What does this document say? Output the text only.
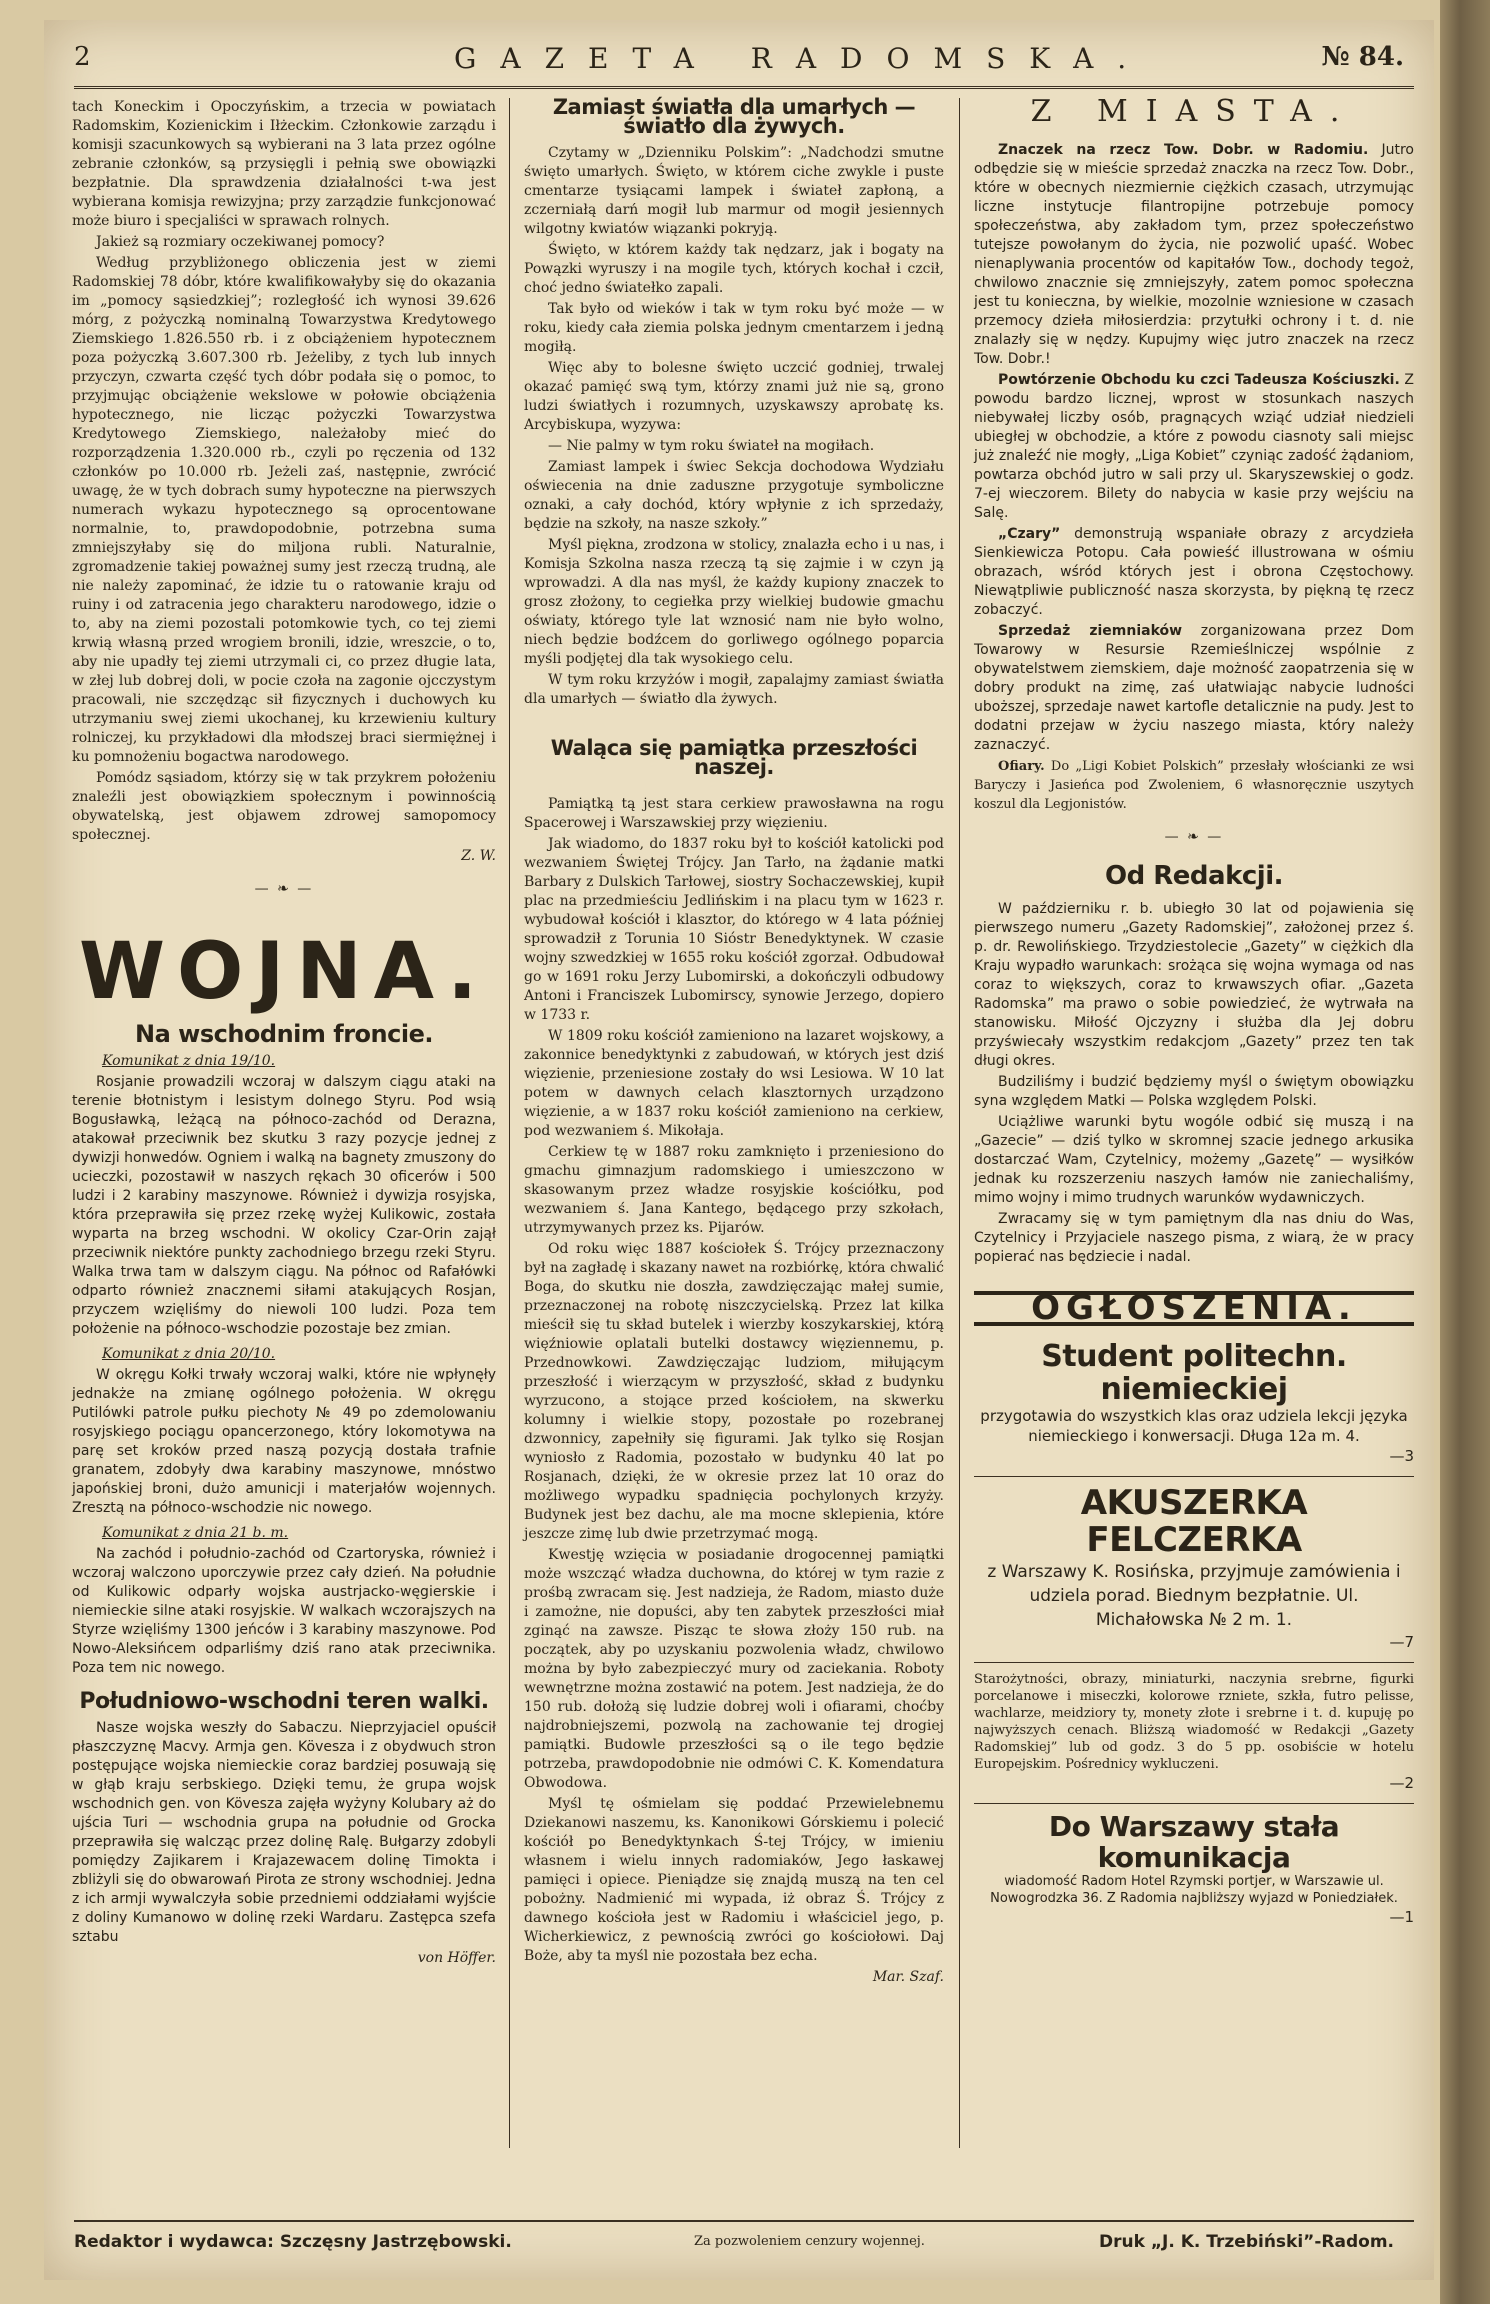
2	GAZETA RADOMSKA.	№ 84.

tach Koneckim i Opoczyńskim, a trzecia w powiatach Radomskim, Kozienickim i Iłżeckim. Członkowie zarządu i komisji szacunkowych są wybierani na 3 lata przez ogólne zebranie członków, są przysięgli i pełnią swe obowiązki bezpłatnie. Dla sprawdzenia działalności t-wa jest wybierana komisja rewizyjna; przy zarządzie funkcjonować może biuro i specjaliści w sprawach rolnych.

Jakież są rozmiary oczekiwanej pomocy?

Według przybliżonego obliczenia jest w ziemi Radomskiej 78 dóbr, które kwalifikowałyby się do okazania im „pomocy sąsiedzkiej”; rozległość ich wynosi 39.626 mórg, z pożyczką nominalną Towarzystwa Kredytowego Ziemskiego 1.826.550 rb. i z obciążeniem hypotecznem poza pożyczką 3.607.300 rb. Jeżeliby, z tych lub innych przyczyn, czwarta część tych dóbr podała się o pomoc, to przyjmując obciążenie wekslowe w połowie obciążenia hypotecznego, nie licząc pożyczki Towarzystwa Kredytowego Ziemskiego, należałoby mieć do rozporządzenia 1.320.000 rb., czyli po ręczenia od 132 członków po 10.000 rb. Jeżeli zaś, następnie, zwrócić uwagę, że w tych dobrach sumy hypoteczne na pierwszych numerach wykazu hypotecznego są oprocentowane normalnie, to, prawdopodobnie, potrzebna suma zmniejszyłaby się do miljona rubli. Naturalnie, zgromadzenie takiej poważnej sumy jest rzeczą trudną, ale nie należy zapominać, że idzie tu o ratowanie kraju od ruiny i od zatracenia jego charakteru narodowego, idzie o to, aby na ziemi pozostali potomkowie tych, co tej ziemi krwią własną przed wrogiem bronili, idzie, wreszcie, o to, aby nie upadły tej ziemi utrzymali ci, co przez długie lata, w złej lub dobrej doli, w pocie czoła na zagonie ojcczystym pracowali, nie szczędząc sił fizycznych i duchowych ku utrzymaniu swej ziemi ukochanej, ku krzewieniu kultury rolniczej, ku przykładowi dla młodszej braci siermiężnej i ku pomnożeniu bogactwa narodowego.

Pomódz sąsiadom, którzy się w tak przykrem położeniu znaleźli jest obowiązkiem społecznym i powinnością obywatelską, jest objawem zdrowej samopomocy społecznej.

Z. W.

— ❧ —
WOJNA.
Na wschodnim froncie.

Komunikat z dnia 19/10.

Rosjanie prowadzili wczoraj w dalszym ciągu ataki na terenie błotnistym i lesistym dolnego Styru. Pod wsią Bogusławką, leżącą na północo-zachód od Derazna, atakował przeciwnik bez skutku 3 razy pozycje jednej z dywizji honwedów. Ogniem i walką na bagnety zmuszony do ucieczki, pozostawił w naszych rękach 30 oficerów i 500 ludzi i 2 karabiny maszynowe. Również i dywizja rosyjska, która przeprawiła się przez rzekę wyżej Kulikowic, została wyparta na brzeg wschodni. W okolicy Czar-Orin zajął przeciwnik niektóre punkty zachodniego brzegu rzeki Styru. Walka trwa tam w dalszym ciągu. Na północ od Rafałówki odparto również znacznemi siłami atakujących Rosjan, przyczem wzięliśmy do niewoli 100 ludzi. Poza tem położenie na północo-wschodzie pozostaje bez zmian.

Komunikat z dnia 20/10.

W okręgu Kołki trwały wczoraj walki, które nie wpłynęły jednakże na zmianę ogólnego położenia. W okręgu Putilówki patrole pułku piechoty № 49 po zdemolowaniu rosyjskiego pociągu opancerzonego, który lokomotywa na parę set kroków przed naszą pozycją dostała trafnie granatem, zdobyły dwa karabiny maszynowe, mnóstwo japońskiej broni, dużo amunicji i materjałów wojennych. Zresztą na północo-wschodzie nic nowego.

Komunikat z dnia 21 b. m.

Na zachód i południo-zachód od Czartoryska, również i wczoraj walczono uporczywie przez cały dzień. Na południe od Kulikowic odparły wojska austrjacko-węgierskie i niemieckie silne ataki rosyjskie. W walkach wczorajszych na Styrze wzięliśmy 1300 jeńców i 3 karabiny maszynowe. Pod Nowo-Aleksińcem odparliśmy dziś rano atak przeciwnika. Poza tem nic nowego.

Południowo-wschodni teren walki.

Nasze wojska weszły do Sabaczu. Nieprzyjaciel opuścił płaszczyznę Macvy. Armja gen. Kövesza i z obydwuch stron postępujące wojska niemieckie coraz bardziej posuwają się w głąb kraju serbskiego. Dzięki temu, że grupa wojsk wschodnich gen. von Kövesza zajęła wyżyny Kolubary aż do ujścia Turi — wschodnia grupa na południe od Grocka przeprawiła się walcząc przez dolinę Ralę. Bułgarzy zdobyli pomiędzy Zajikarem i Krajazewacem dolinę Timokta i zbliżyli się do obwarowań Pirota ze strony wschodniej. Jedna z ich armji wywalczyła sobie przedniemi oddziałami wyjście z doliny Kumanowo w dolinę rzeki Wardaru. Zastępca szefa sztabu

von Höffer.

Zamiast światła dla umarłych — światło dla żywych.

Czytamy w „Dzienniku Polskim”: „Nadchodzi smutne święto umarłych. Święto, w którem ciche zwykle i puste cmentarze tysiącami lampek i świateł zapłoną, a zczerniałą darń mogił lub marmur od mogił jesiennych wilgotny kwiatów wiązanki pokryją.

Święto, w którem każdy tak nędzarz, jak i bogaty na Powązki wyruszy i na mogile tych, których kochał i czcił, choć jedno światełko zapali.

Tak było od wieków i tak w tym roku być może — w roku, kiedy cała ziemia polska jednym cmentarzem i jedną mogiłą.

Więc aby to bolesne święto uczcić godniej, trwalej okazać pamięć swą tym, którzy znami już nie są, grono ludzi światłych i rozumnych, uzyskawszy aprobatę ks. Arcybiskupa, wyzywa:

— Nie palmy w tym roku świateł na mogiłach.

Zamiast lampek i świec Sekcja dochodowa Wydziału oświecenia na dnie zaduszne przygotuje symboliczne oznaki, a cały dochód, który wpłynie z ich sprzedaży, będzie na szkoły, na nasze szkoły.”

Myśl piękna, zrodzona w stolicy, znalazła echo i u nas, i Komisja Szkolna nasza rzeczą tą się zajmie i w czyn ją wprowadzi. A dla nas myśl, że każdy kupiony znaczek to grosz złożony, to cegiełka przy wielkiej budowie gmachu oświaty, którego tyle lat wznosić nam nie było wolno, niech będzie bodźcem do gorliwego ogólnego poparcia myśli podjętej dla tak wysokiego celu.

W tym roku krzyżów i mogił, zapalajmy zamiast światła dla umarłych — światło dla żywych.

Waląca się pamiątka przeszłości naszej.

Pamiątką tą jest stara cerkiew prawosławna na rogu Spacerowej i Warszawskiej przy więzieniu.

Jak wiadomo, do 1837 roku był to kościół katolicki pod wezwaniem Świętej Trójcy. Jan Tarło, na żądanie matki Barbary z Dulskich Tarłowej, siostry Sochaczewskiej, kupił plac na przedmieściu Jedlińskim i na placu tym w 1623 r. wybudował kościół i klasztor, do którego w 4 lata później sprowadził z Torunia 10 Sióstr Benedyktynek. W czasie wojny szwedzkiej w 1655 roku kościół zgorzał. Odbudował go w 1691 roku Jerzy Lubomirski, a dokończyli odbudowy Antoni i Franciszek Lubomirscy, synowie Jerzego, dopiero w 1733 r.

W 1809 roku kościół zamieniono na lazaret wojskowy, a zakonnice benedyktynki z zabudowań, w których jest dziś więzienie, przeniesione zostały do wsi Lesiowa. W 10 lat potem w dawnych celach klasztornych urządzono więzienie, a w 1837 roku kościół zamieniono na cerkiew, pod wezwaniem ś. Mikołaja.

Cerkiew tę w 1887 roku zamknięto i przeniesiono do gmachu gimnazjum radomskiego i umieszczono w skasowanym przez władze rosyjskie kościółku, pod wezwaniem ś. Jana Kantego, będącego przy szkołach, utrzymywanych przez ks. Pijarów.

Od roku więc 1887 kościołek Ś. Trójcy przeznaczony był na zagładę i skazany nawet na rozbiórkę, która chwalić Boga, do skutku nie doszła, zawdzięczając małej sumie, przeznaczonej na robotę niszczycielską. Przez lat kilka mieścił się tu skład butelek i wierzby koszykarskiej, którą więźniowie oplatali butelki dostawcy więziennemu, p. Przednowkowi. Zawdzięczając ludziom, miłującym przeszłość i wierzącym w przyszłość, skład z budynku wyrzucono, a stojące przed kościołem, na skwerku kolumny i wielkie stopy, pozostałe po rozebranej dzwonnicy, zapełniły się figurami. Jak tylko się Rosjan wyniosło z Radomia, pozostało w budynku 40 lat po Rosjanach, dzięki, że w okresie przez lat 10 oraz do możliwego wypadku spadnięcia pochylonych krzyży. Budynek jest bez dachu, ale ma mocne sklepienia, które jeszcze zimę lub dwie przetrzymać mogą.

Kwestję wzięcia w posiadanie drogocennej pamiątki może wszcząć władza duchowna, do której w tym razie z prośbą zwracam się. Jest nadzieja, że Radom, miasto duże i zamożne, nie dopuści, aby ten zabytek przeszłości miał zginąć na zawsze. Pisząc te słowa złoży 150 rub. na początek, aby po uzyskaniu pozwolenia władz, chwilowo można by było zabezpieczyć mury od zaciekania. Roboty wewnętrzne można zostawić na potem. Jest nadzieja, że do 150 rub. dołożą się ludzie dobrej woli i ofiarami, choćby najdrobniejszemi, pozwolą na zachowanie tej drogiej pamiątki. Budowle przeszłości są o ile tego będzie potrzeba, prawdopodobnie nie odmówi C. K. Komendatura Obwodowa.

Myśl tę ośmielam się poddać Przewielebnemu Dziekanowi naszemu, ks. Kanonikowi Górskiemu i polecić kościół po Benedyktynkach Ś-tej Trójcy, w imieniu własnem i wielu innych radomiaków, Jego łaskawej pamięci i opiece. Pieniądze się znajdą muszą na ten cel pobożny. Nadmienić mi wypada, iż obraz Ś. Trójcy z dawnego kościoła jest w Radomiu i właściciel jego, p. Wicherkiewicz, z pewnością zwróci go kościołowi. Daj Boże, aby ta myśl nie pozostała bez echa.

Mar. Szaf.

Z MIASTA.

Znaczek na rzecz Tow. Dobr. w Radomiu. Jutro odbędzie się w mieście sprzedaż znaczka na rzecz Tow. Dobr., które w obecnych niezmiernie ciężkich czasach, utrzymując liczne instytucje filantropijne potrzebuje pomocy społeczeństwa, aby zakładom tym, przez społeczeństwo tutejsze powołanym do życia, nie pozwolić upaść. Wobec nienaplywania procentów od kapitałów Tow., dochody tegoż, chwilowo znacznie się zmniejszyły, zatem pomoc społeczna jest tu konieczna, by wielkie, mozolnie wzniesione w czasach przemocy dzieła miłosierdzia: przytułki ochrony i t. d. nie znalazły się w nędzy. Kupujmy więc jutro znaczek na rzecz Tow. Dobr.!

Powtórzenie Obchodu ku czci Tadeusza Kościuszki. Z powodu bardzo licznej, wprost w stosunkach naszych niebywałej liczby osób, pragnących wziąć udział niedzieli ubiegłej w obchodzie, a które z powodu ciasnoty sali miejsc już znaleźć nie mogły, „Liga Kobiet” czyniąc zadość żądaniom, powtarza obchód jutro w sali przy ul. Skaryszewskiej o godz. 7-ej wieczorem. Bilety do nabycia w kasie przy wejściu na Salę.

„Czary” demonstrują wspaniałe obrazy z arcydzieła Sienkiewicza Potopu. Cała powieść illustrowana w ośmiu obrazach, wśród których jest i obrona Częstochowy. Niewątpliwie publiczność nasza skorzysta, by piękną tę rzecz zobaczyć.

Sprzedaż ziemniaków zorganizowana przez Dom Towarowy w Resursie Rzemieślniczej wspólnie z obywatelstwem ziemskiem, daje możność zaopatrzenia się w dobry produkt na zimę, zaś ułatwiając nabycie ludności uboższej, sprzedaje nawet kartofle detalicznie na pudy. Jest to dodatni przejaw w życiu naszego miasta, który należy zaznaczyć.

Ofiary. Do „Ligi Kobiet Polskich” przesłały włościanki ze wsi Baryczy i Jasieńca pod Zwoleniem, 6 własnoręcznie uszytych koszul dla Legjonistów.

— ❧ —
Od Redakcji.

W październiku r. b. ubiegło 30 lat od pojawienia się pierwszego numeru „Gazety Radomskiej”, założonej przez ś. p. dr. Rewolińskiego. Trzydziestolecie „Gazety” w ciężkich dla Kraju wypadło warunkach: srożąca się wojna wymaga od nas coraz to większych, coraz to krwawszych ofiar. „Gazeta Radomska” ma prawo o sobie powiedzieć, że wytrwała na stanowisku. Miłość Ojczyzny i służba dla Jej dobru przyświecały wszystkim redakcjom „Gazety” przez ten tak długi okres.

Budziliśmy i budzić będziemy myśl o świętym obowiązku syna względem Matki — Polska względem Polski.

Uciążliwe warunki bytu wogóle odbić się muszą i na „Gazecie” — dziś tylko w skromnej szacie jednego arkusika dostarczać Wam, Czytelnicy, możemy „Gazetę” — wysiłków jednak ku rozszerzeniu naszych łamów nie zaniechaliśmy, mimo wojny i mimo trudnych warunków wydawniczych.

Zwracamy się w tym pamiętnym dla nas dniu do Was, Czytelnicy i Przyjaciele naszego pisma, z wiarą, że w pracy popierać nas będziecie i nadal.

OGŁOSZENIA.
Student politechn. niemieckiej
przygotawia do wszystkich klas oraz udziela lekcji języka niemieckiego i konwersacji. Długa 12a m. 4.
—3
AKUSZERKA FELCZERKA
z Warszawy K. Rosińska, przyjmuje zamówienia i udziela porad. Biednym bezpłatnie. Ul. Michałowska № 2 m. 1.
—7
Starożytności, obrazy, miniaturki, naczynia srebrne, figurki porcelanowe i miseczki, kolorowe rzniete, szkła, futro pelisse, wachlarze, meidziory ty, monety złote i srebrne i t. d. kupuję po najwyższych cenach. Bliższą wiadomość w Redakcji „Gazety Radomskiej” lub od godz. 3 do 5 pp. osobiście w hotelu Europejskim. Pośrednicy wykluczeni.
—2
Do Warszawy stała komunikacja
wiadomość Radom Hotel Rzymski portjer, w Warszawie ul. Nowogrodzka 36. Z Radomia najbliższy wyjazd w Poniedziałek.
—1
Redaktor i wydawca: Szczęsny Jastrzębowski.	Za pozwoleniem cenzury wojennej.	Druk „J. K. Trzebiński”-Radom.
